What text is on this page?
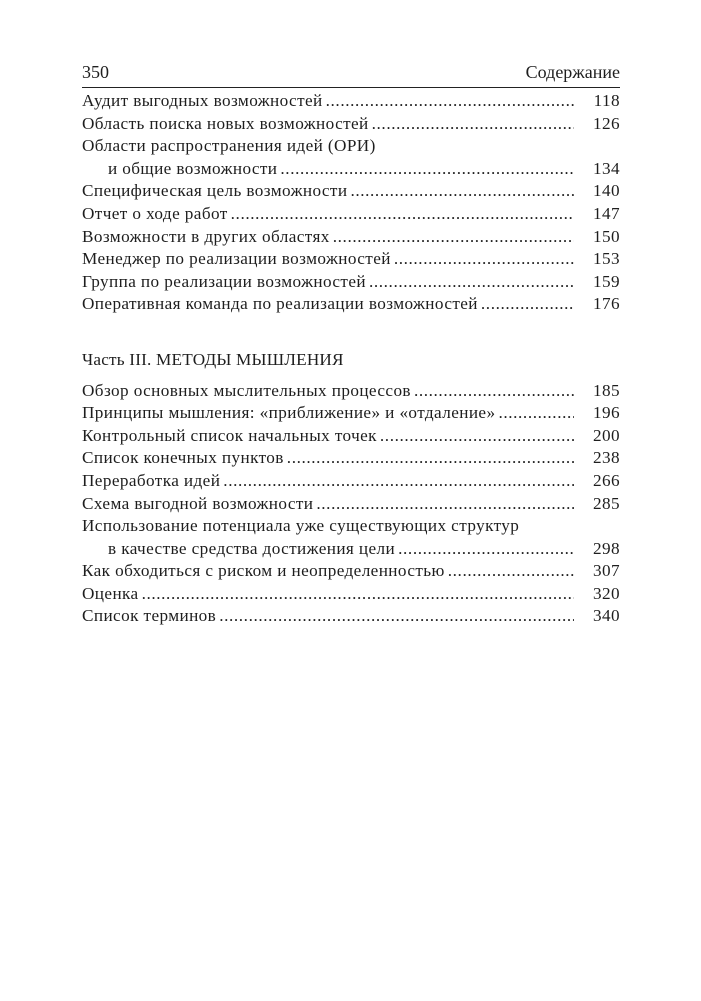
350	Содержание
Аудит выгодных возможностей .....	118
Область поиска новых возможностей .....	126
Области распространения идей (ОРИ)
и общие возможности .....	134
Специфическая цель возможности .....	140
Отчет о ходе работ .....	147
Возможности в других областях .....	150
Менеджер по реализации возможностей .....	153
Группа по реализации возможностей .....	159
Оперативная команда по реализации возможностей .....	176
Часть III. МЕТОДЫ МЫШЛЕНИЯ
Обзор основных мыслительных процессов .....	185
Принципы мышления: «приближение» и «отдаление» .....	196
Контрольный список начальных точек .....	200
Список конечных пунктов .....	238
Переработка идей .....	266
Схема выгодной возможности .....	285
Использование потенциала уже существующих структур
в качестве средства достижения цели .....	298
Как обходиться с риском и неопределенностью .....	307
Оценка .....	320
Список терминов .....	340
